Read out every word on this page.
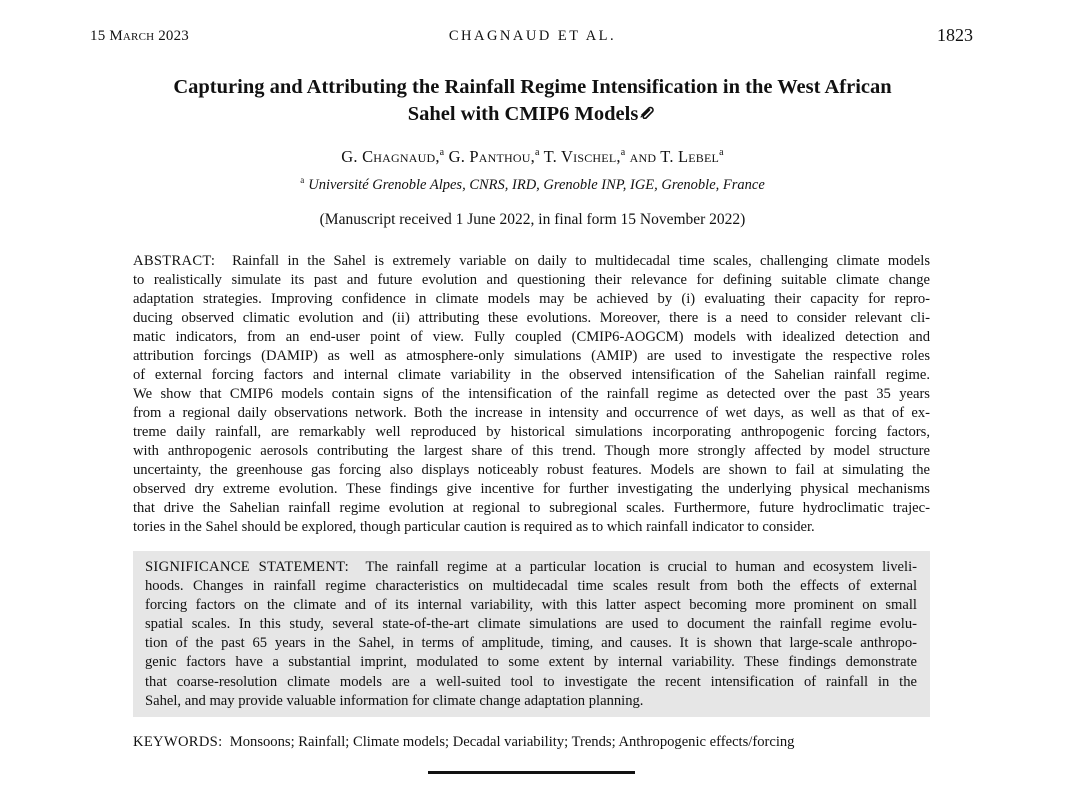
15 March 2023	CHAGNAUD ET AL.	1823
Capturing and Attributing the Rainfall Regime Intensification in the West African
Sahel with CMIP6 Models
G. Chagnaud,$^a$ G. Panthou,$^a$ T. Vischel,$^a$ and T. Lebel$^a$
$^a$ Université Grenoble Alpes, CNRS, IRD, Grenoble INP, IGE, Grenoble, France
(Manuscript received 1 June 2022, in final form 15 November 2022)
ABSTRACT: Rainfall in the Sahel is extremely variable on daily to multidecadal time scales, challenging climate models
to realistically simulate its past and future evolution and questioning their relevance for defining suitable climate change
adaptation strategies. Improving confidence in climate models may be achieved by (i) evaluating their capacity for repro-
ducing observed climatic evolution and (ii) attributing these evolutions. Moreover, there is a need to consider relevant cli-
matic indicators, from an end-user point of view. Fully coupled (CMIP6-AOGCM) models with idealized detection and
attribution forcings (DAMIP) as well as atmosphere-only simulations (AMIP) are used to investigate the respective roles
of external forcing factors and internal climate variability in the observed intensification of the Sahelian rainfall regime.
We show that CMIP6 models contain signs of the intensification of the rainfall regime as detected over the past 35 years
from a regional daily observations network. Both the increase in intensity and occurrence of wet days, as well as that of ex-
treme daily rainfall, are remarkably well reproduced by historical simulations incorporating anthropogenic forcing factors,
with anthropogenic aerosols contributing the largest share of this trend. Though more strongly affected by model structure
uncertainty, the greenhouse gas forcing also displays noticeably robust features. Models are shown to fail at simulating the
observed dry extreme evolution. These findings give incentive for further investigating the underlying physical mechanisms
that drive the Sahelian rainfall regime evolution at regional to subregional scales. Furthermore, future hydroclimatic trajec-
tories in the Sahel should be explored, though particular caution is required as to which rainfall indicator to consider.
SIGNIFICANCE STATEMENT: The rainfall regime at a particular location is crucial to human and ecosystem liveli-
hoods. Changes in rainfall regime characteristics on multidecadal time scales result from both the effects of external
forcing factors on the climate and of its internal variability, with this latter aspect becoming more prominent on small
spatial scales. In this study, several state-of-the-art climate simulations are used to document the rainfall regime evolu-
tion of the past 65 years in the Sahel, in terms of amplitude, timing, and causes. It is shown that large-scale anthropo-
genic factors have a substantial imprint, modulated to some extent by internal variability. These findings demonstrate
that coarse-resolution climate models are a well-suited tool to investigate the recent intensification of rainfall in the
Sahel, and may provide valuable information for climate change adaptation planning.
KEYWORDS: Monsoons; Rainfall; Climate models; Decadal variability; Trends; Anthropogenic effects/forcing
